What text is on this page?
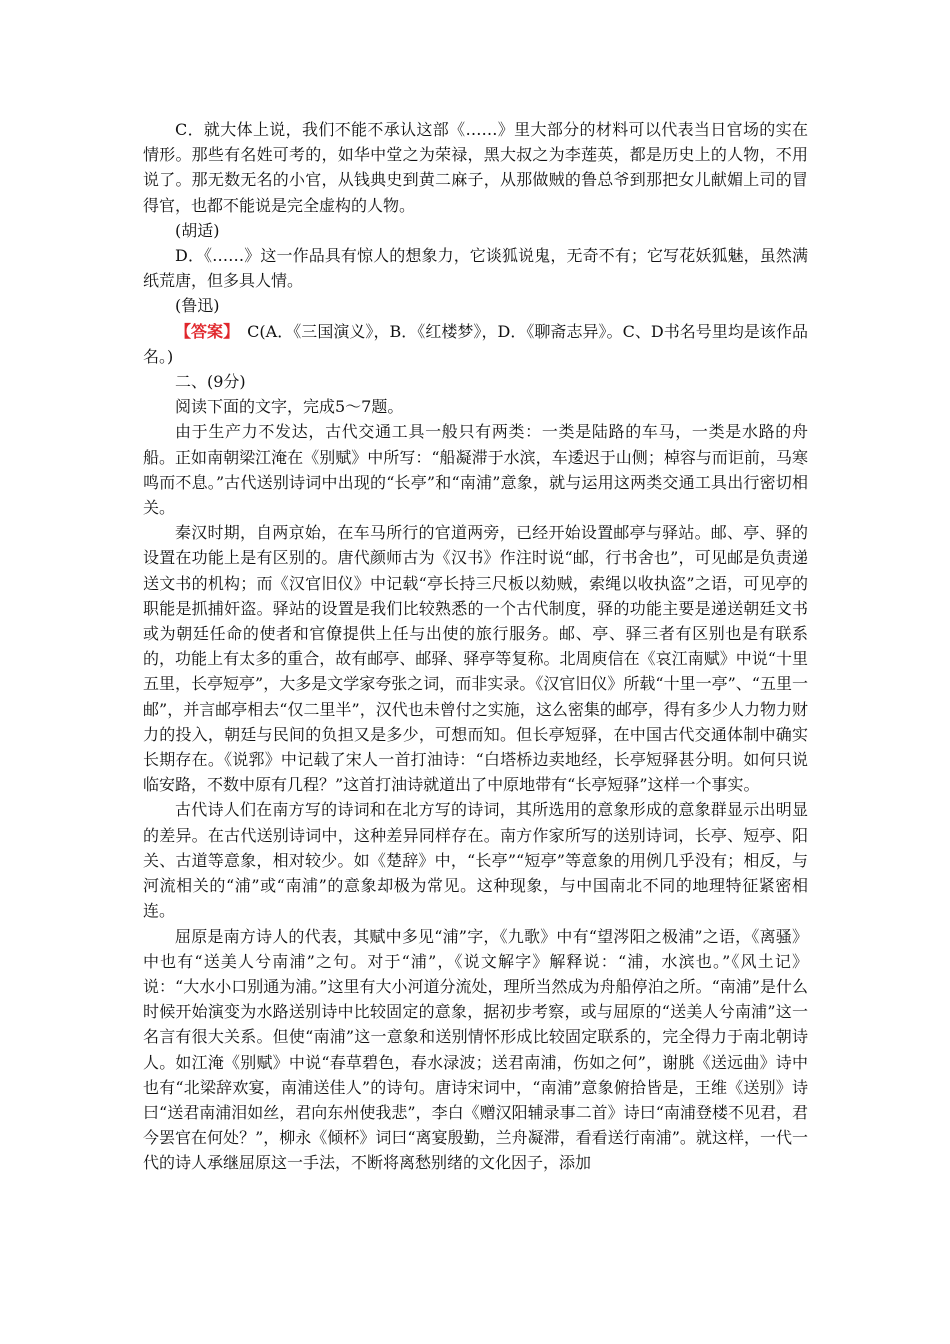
C．就大体上说，我们不能不承认这部《……》里大部分的材料可以代表当日官场的实在情形。那些有名姓可考的，如华中堂之为荣禄，黑大叔之为李莲英，都是历史上的人物，不用说了。那无数无名的小官，从钱典史到黄二麻子，从那做贼的鲁总爷到那把女儿献媚上司的冒得官，也都不能说是完全虚构的人物。

(胡适)

D．《……》这一作品具有惊人的想象力，它谈狐说鬼，无奇不有；它写花妖狐魅，虽然满纸荒唐，但多具人情。

(鲁迅)

【答案】　C(A．《三国演义》，B．《红楼梦》，D．《聊斋志异》。C、D书名号里均是该作品名。)

二、(9分)

阅读下面的文字，完成5～7题。

由于生产力不发达，古代交通工具一般只有两类：一类是陆路的车马，一类是水路的舟船。正如南朝梁江淹在《别赋》中所写：“船凝滞于水滨，车逶迟于山侧；棹容与而讵前，马寒鸣而不息。”古代送别诗词中出现的“长亭”和“南浦”意象，就与运用这两类交通工具出行密切相关。

秦汉时期，自两京始，在车马所行的官道两旁，已经开始设置邮亭与驿站。邮、亭、驿的设置在功能上是有区别的。唐代颜师古为《汉书》作注时说“邮，行书舍也”，可见邮是负责递送文书的机构；而《汉官旧仪》中记载“亭长持三尺板以劾贼，索绳以收执盗”之语，可见亭的职能是抓捕奸盗。驿站的设置是我们比较熟悉的一个古代制度，驿的功能主要是递送朝廷文书或为朝廷任命的使者和官僚提供上任与出使的旅行服务。邮、亭、驿三者有区别也是有联系的，功能上有太多的重合，故有邮亭、邮驿、驿亭等复称。北周庾信在《哀江南赋》中说“十里五里，长亭短亭”，大多是文学家夸张之词，而非实录。《汉官旧仪》所载“十里一亭”、“五里一邮”，并言邮亭相去“仅二里半”，汉代也未曾付之实施，这么密集的邮亭，得有多少人力物力财力的投入，朝廷与民间的负担又是多少，可想而知。但长亭短驿，在中国古代交通体制中确实长期存在。《说郛》中记载了宋人一首打油诗：“白塔桥边卖地经，长亭短驿甚分明。如何只说临安路，不数中原有几程？”这首打油诗就道出了中原地带有“长亭短驿”这样一个事实。

古代诗人们在南方写的诗词和在北方写的诗词，其所选用的意象形成的意象群显示出明显的差异。在古代送别诗词中，这种差异同样存在。南方作家所写的送别诗词，长亭、短亭、阳关、古道等意象，相对较少。如《楚辞》中，“长亭”“短亭”等意象的用例几乎没有；相反，与河流相关的“浦”或“南浦”的意象却极为常见。这种现象，与中国南北不同的地理特征紧密相连。

屈原是南方诗人的代表，其赋中多见“浦”字，《九歌》中有“望涔阳之极浦”之语，《离骚》中也有“送美人兮南浦”之句。对于“浦”，《说文解字》解释说：“浦，水滨也。”《风土记》说：“大水小口别通为浦。”这里有大小河道分流处，理所当然成为舟船停泊之所。“南浦”是什么时候开始演变为水路送别诗中比较固定的意象，据初步考察，或与屈原的“送美人兮南浦”这一名言有很大关系。但使“南浦”这一意象和送别情怀形成比较固定联系的，完全得力于南北朝诗人。如江淹《别赋》中说“春草碧色，春水渌波；送君南浦，伤如之何”，谢朓《送远曲》诗中也有“北梁辞欢宴，南浦送佳人”的诗句。唐诗宋词中，“南浦”意象俯拾皆是，王维《送别》诗曰“送君南浦泪如丝，君向东州使我悲”，李白《赠汉阳辅录事二首》诗曰“南浦登楼不见君，君今罢官在何处？”，柳永《倾杯》词曰“离宴殷勤，兰舟凝滞，看看送行南浦”。就这样，一代一代的诗人承继屈原这一手法，不断将离愁别绪的文化因子，添加
